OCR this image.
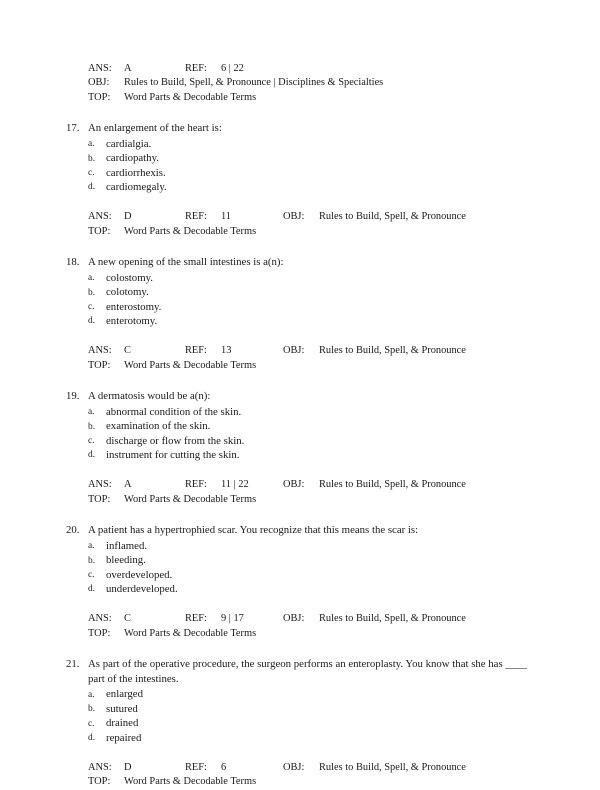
ANS: A	REF: 6 | 22
OBJ: Rules to Build, Spell, & Pronounce | Disciplines & Specialties
TOP: Word Parts & Decodable Terms
17. An enlargement of the heart is:
a. cardialgia.
b. cardiopathy.
c. cardiorrhexis.
d. cardiomegaly.
ANS: D	REF: 11	OBJ: Rules to Build, Spell, & Pronounce
TOP: Word Parts & Decodable Terms
18. A new opening of the small intestines is a(n):
a. colostomy.
b. colotomy.
c. enterostomy.
d. enterotomy.
ANS: C	REF: 13	OBJ: Rules to Build, Spell, & Pronounce
TOP: Word Parts & Decodable Terms
19. A dermatosis would be a(n):
a. abnormal condition of the skin.
b. examination of the skin.
c. discharge or flow from the skin.
d. instrument for cutting the skin.
ANS: A	REF: 11 | 22	OBJ: Rules to Build, Spell, & Pronounce
TOP: Word Parts & Decodable Terms
20. A patient has a hypertrophied scar. You recognize that this means the scar is:
a. inflamed.
b. bleeding.
c. overdeveloped.
d. underdeveloped.
ANS: C	REF: 9 | 17	OBJ: Rules to Build, Spell, & Pronounce
TOP: Word Parts & Decodable Terms
21. As part of the operative procedure, the surgeon performs an enteroplasty. You know that she has ____ part of the intestines.
a. enlarged
b. sutured
c. drained
d. repaired
ANS: D	REF: 6	OBJ: Rules to Build, Spell, & Pronounce
TOP: Word Parts & Decodable Terms
